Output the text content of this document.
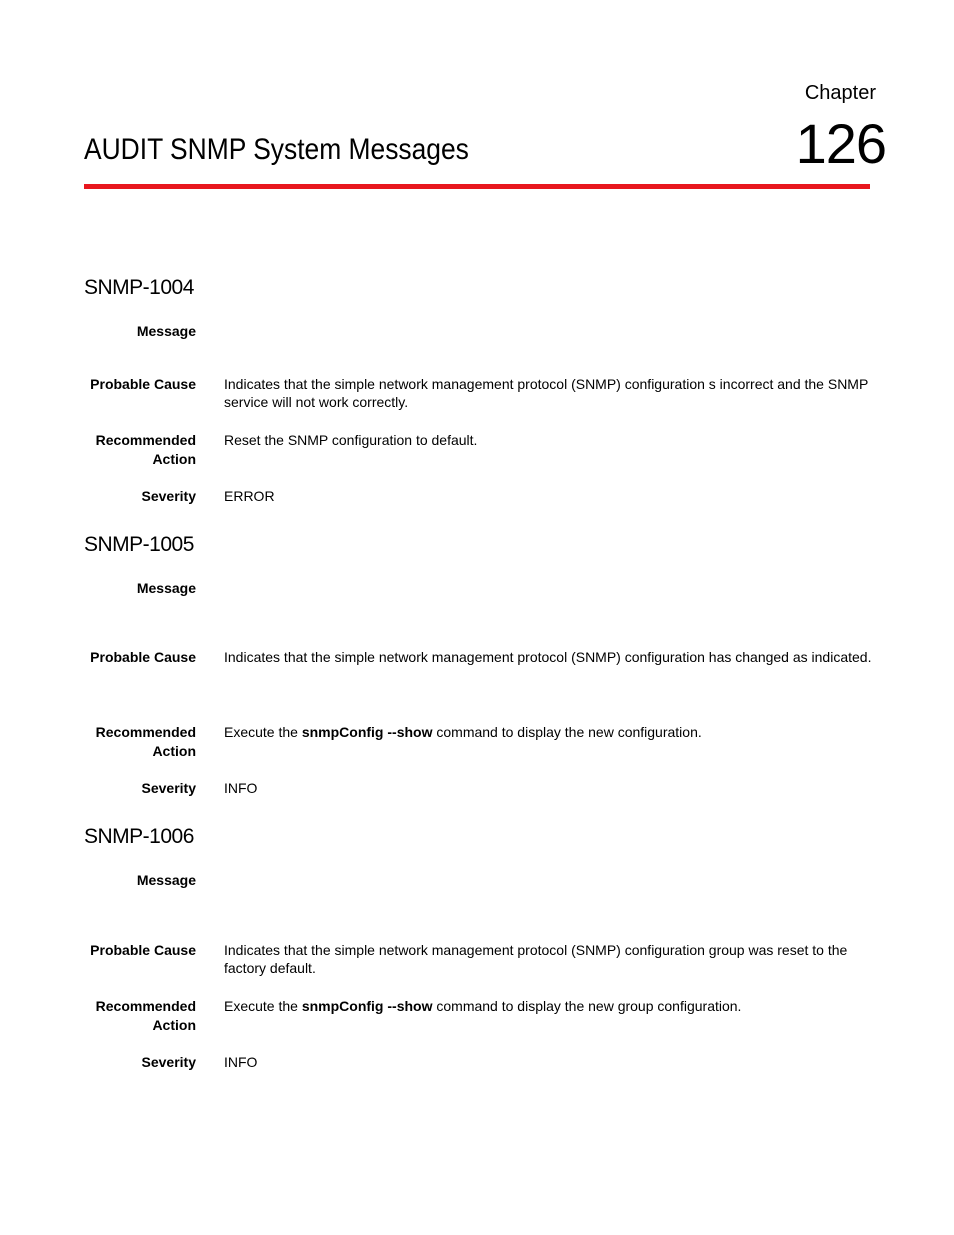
Chapter
126
AUDIT SNMP System Messages
SNMP-1004
Message
Probable Cause Indicates that the simple network management protocol (SNMP) configuration s incorrect and the SNMP service will not work correctly.
Recommended
Action
Reset the SNMP configuration to default.
Severity ERROR
SNMP-1005
Message
Probable Cause Indicates that the simple network management protocol (SNMP) configuration has changed as indicated.
Recommended
Action
Execute the snmpConfig --show command to display the new configuration.
Severity INFO
SNMP-1006
Message
Probable Cause Indicates that the simple network management protocol (SNMP) configuration group was reset to the factory default.
Recommended
Action
Execute the snmpConfig --show command to display the new group configuration.
Severity INFO
